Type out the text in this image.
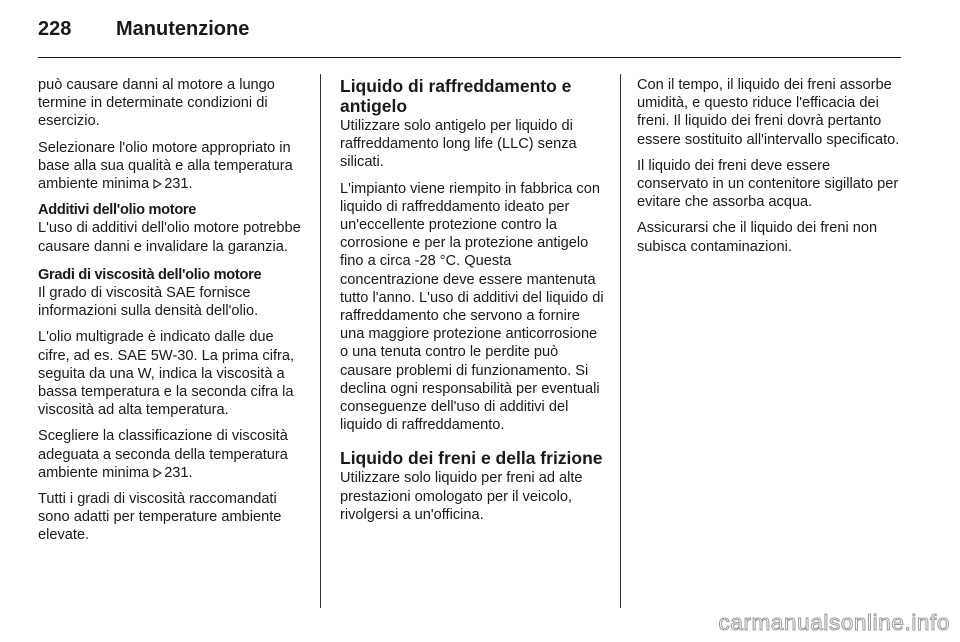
228	Manutenzione

può causare danni al motore a lungo termine in determinate condizioni di esercizio.

Selezionare l'olio motore appropriato in base alla sua qualità e alla temperatura ambiente minima 231.

Additivi dell'olio motore

L'uso di additivi dell'olio motore potrebbe causare danni e invalidare la garanzia.

Gradi di viscosità dell'olio motore

Il grado di viscosità SAE fornisce informazioni sulla densità dell'olio.

L'olio multigrade è indicato dalle due cifre, ad es. SAE 5W-30. La prima cifra, seguita da una W, indica la viscosità a bassa temperatura e la seconda cifra la viscosità ad alta temperatura.

Scegliere la classificazione di viscosità adeguata a seconda della temperatura ambiente minima 231.

Tutti i gradi di viscosità raccomandati sono adatti per temperature ambiente elevate.

Liquido di raffreddamento e antigelo

Utilizzare solo antigelo per liquido di raffreddamento long life (LLC) senza silicati.

L'impianto viene riempito in fabbrica con liquido di raffreddamento ideato per un'eccellente protezione contro la corrosione e per la protezione antigelo fino a circa -28 °C. Questa concentrazione deve essere mantenuta tutto l'anno. L'uso di additivi del liquido di raffreddamento che servono a fornire una maggiore protezione anticorrosione o una tenuta contro le perdite può causare problemi di funzionamento. Si declina ogni responsabilità per eventuali conseguenze dell'uso di additivi del liquido di raffreddamento.

Liquido dei freni e della frizione

Utilizzare solo liquido per freni ad alte prestazioni omologato per il veicolo, rivolgersi a un'officina.

Con il tempo, il liquido dei freni assorbe umidità, e questo riduce l'efficacia dei freni. Il liquido dei freni dovrà pertanto essere sostituito all'intervallo specificato.

Il liquido dei freni deve essere conservato in un contenitore sigillato per evitare che assorba acqua.

Assicurarsi che il liquido dei freni non subisca contaminazioni.

carmanualsonline.info
